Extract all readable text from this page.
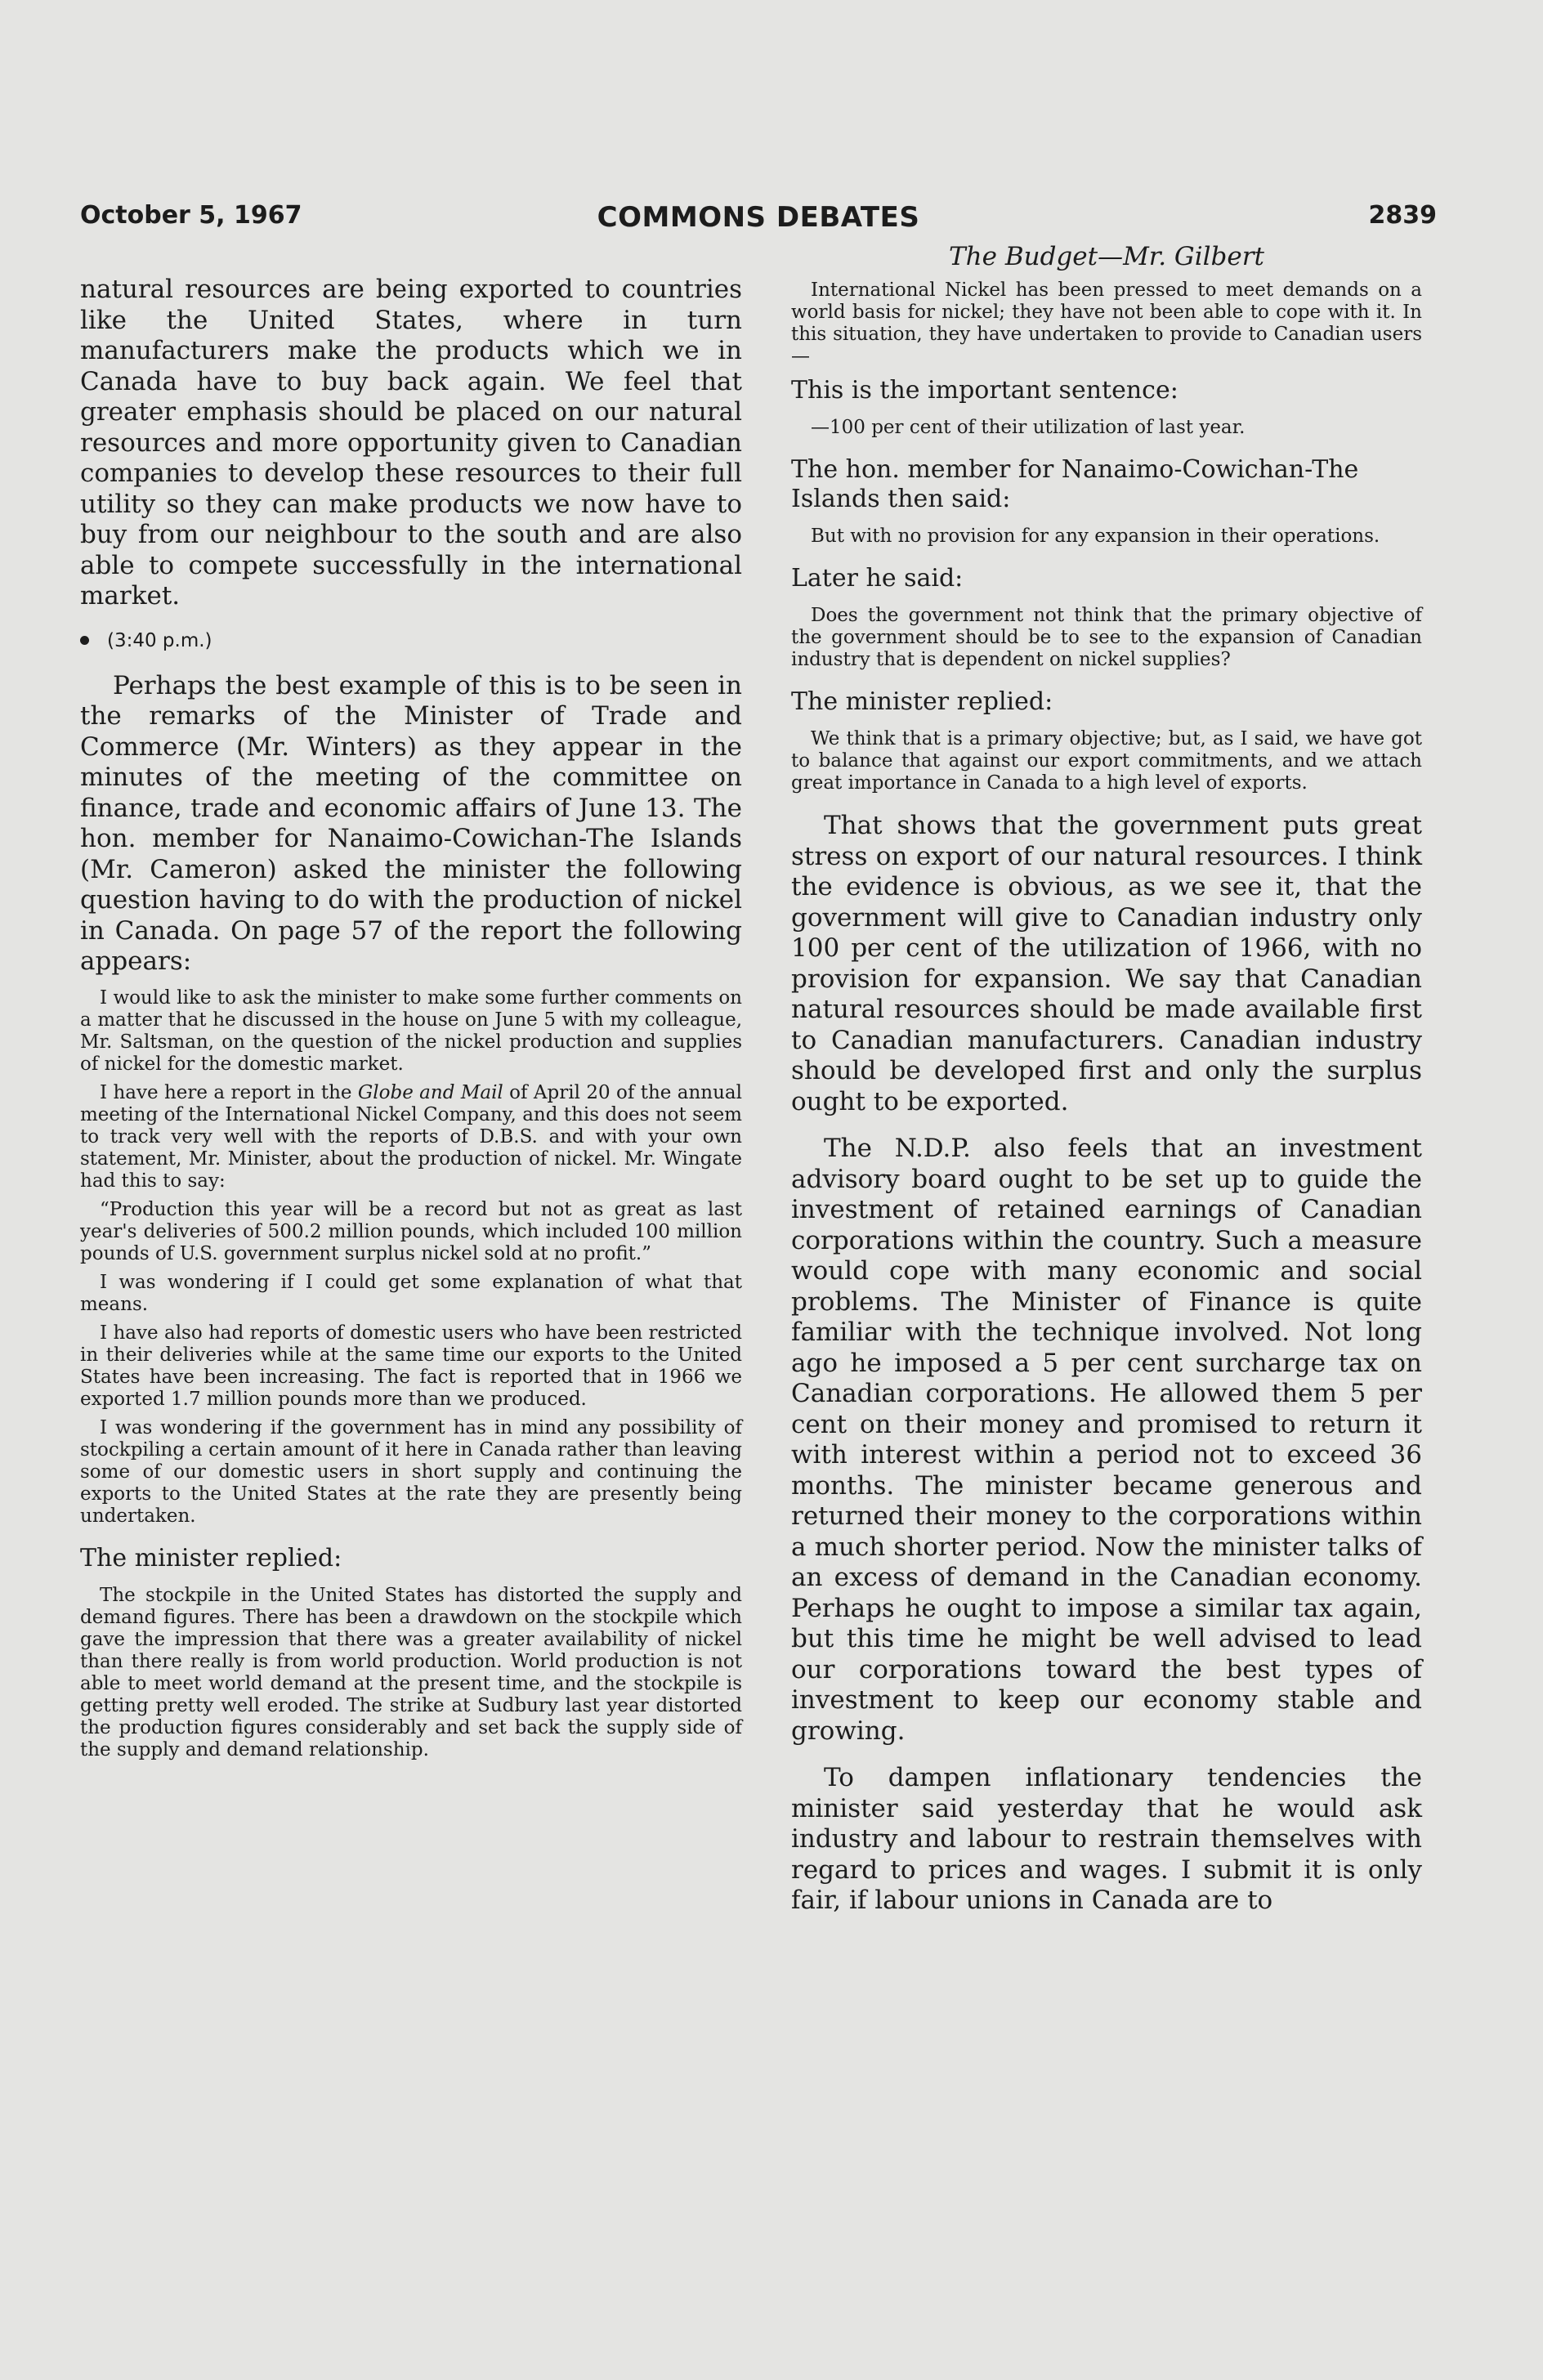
October 5, 1967	COMMONS DEBATES	2839

natural resources are being exported to countries like the United States, where in turn manufacturers make the products which we in Canada have to buy back again. We feel that greater emphasis should be placed on our natural resources and more opportunity given to Canadian companies to develop these resources to their full utility so they can make products we now have to buy from our neighbour to the south and are also able to compete successfully in the international market.

(3:40 p.m.)

Perhaps the best example of this is to be seen in the remarks of the Minister of Trade and Commerce (Mr. Winters) as they appear in the minutes of the meeting of the committee on finance, trade and economic affairs of June 13. The hon. member for Nanaimo-Cowichan-The Islands (Mr. Cameron) asked the minister the following question having to do with the production of nickel in Canada. On page 57 of the report the following appears:

I would like to ask the minister to make some further comments on a matter that he discussed in the house on June 5 with my colleague, Mr. Saltsman, on the question of the nickel production and supplies of nickel for the domestic market.

I have here a report in the Globe and Mail of April 20 of the annual meeting of the International Nickel Company, and this does not seem to track very well with the reports of D.B.S. and with your own statement, Mr. Minister, about the production of nickel. Mr. Wingate had this to say:

“Production this year will be a record but not as great as last year's deliveries of 500.2 million pounds, which included 100 million pounds of U.S. government surplus nickel sold at no profit.”

I was wondering if I could get some explanation of what that means.

I have also had reports of domestic users who have been restricted in their deliveries while at the same time our exports to the United States have been increasing. The fact is reported that in 1966 we exported 1.7 million pounds more than we produced.

I was wondering if the government has in mind any possibility of stockpiling a certain amount of it here in Canada rather than leaving some of our domestic users in short supply and continuing the exports to the United States at the rate they are presently being undertaken.

The minister replied:

The stockpile in the United States has distorted the supply and demand figures. There has been a drawdown on the stockpile which gave the impression that there was a greater availability of nickel than there really is from world production. World production is not able to meet world demand at the present time, and the stockpile is getting pretty well eroded. The strike at Sudbury last year distorted the production figures considerably and set back the supply side of the supply and demand relationship.

The Budget—Mr. Gilbert

International Nickel has been pressed to meet demands on a world basis for nickel; they have not been able to cope with it. In this situation, they have undertaken to provide to Canadian users—

This is the important sentence:

—100 per cent of their utilization of last year.

The hon. member for Nanaimo-Cowichan-The Islands then said:

But with no provision for any expansion in their operations.

Later he said:

Does the government not think that the primary objective of the government should be to see to the expansion of Canadian industry that is dependent on nickel supplies?

The minister replied:

We think that is a primary objective; but, as I said, we have got to balance that against our export commitments, and we attach great importance in Canada to a high level of exports.

That shows that the government puts great stress on export of our natural resources. I think the evidence is obvious, as we see it, that the government will give to Canadian industry only 100 per cent of the utilization of 1966, with no provision for expansion. We say that Canadian natural resources should be made available first to Canadian manufacturers. Canadian industry should be developed first and only the surplus ought to be exported.

The N.D.P. also feels that an investment advisory board ought to be set up to guide the investment of retained earnings of Canadian corporations within the country. Such a measure would cope with many economic and social problems. The Minister of Finance is quite familiar with the technique involved. Not long ago he imposed a 5 per cent surcharge tax on Canadian corporations. He allowed them 5 per cent on their money and promised to return it with interest within a period not to exceed 36 months. The minister became generous and returned their money to the corporations within a much shorter period. Now the minister talks of an excess of demand in the Canadian economy. Perhaps he ought to impose a similar tax again, but this time he might be well advised to lead our corporations toward the best types of investment to keep our economy stable and growing.

To dampen inflationary tendencies the minister said yesterday that he would ask industry and labour to restrain themselves with regard to prices and wages. I submit it is only fair, if labour unions in Canada are to
